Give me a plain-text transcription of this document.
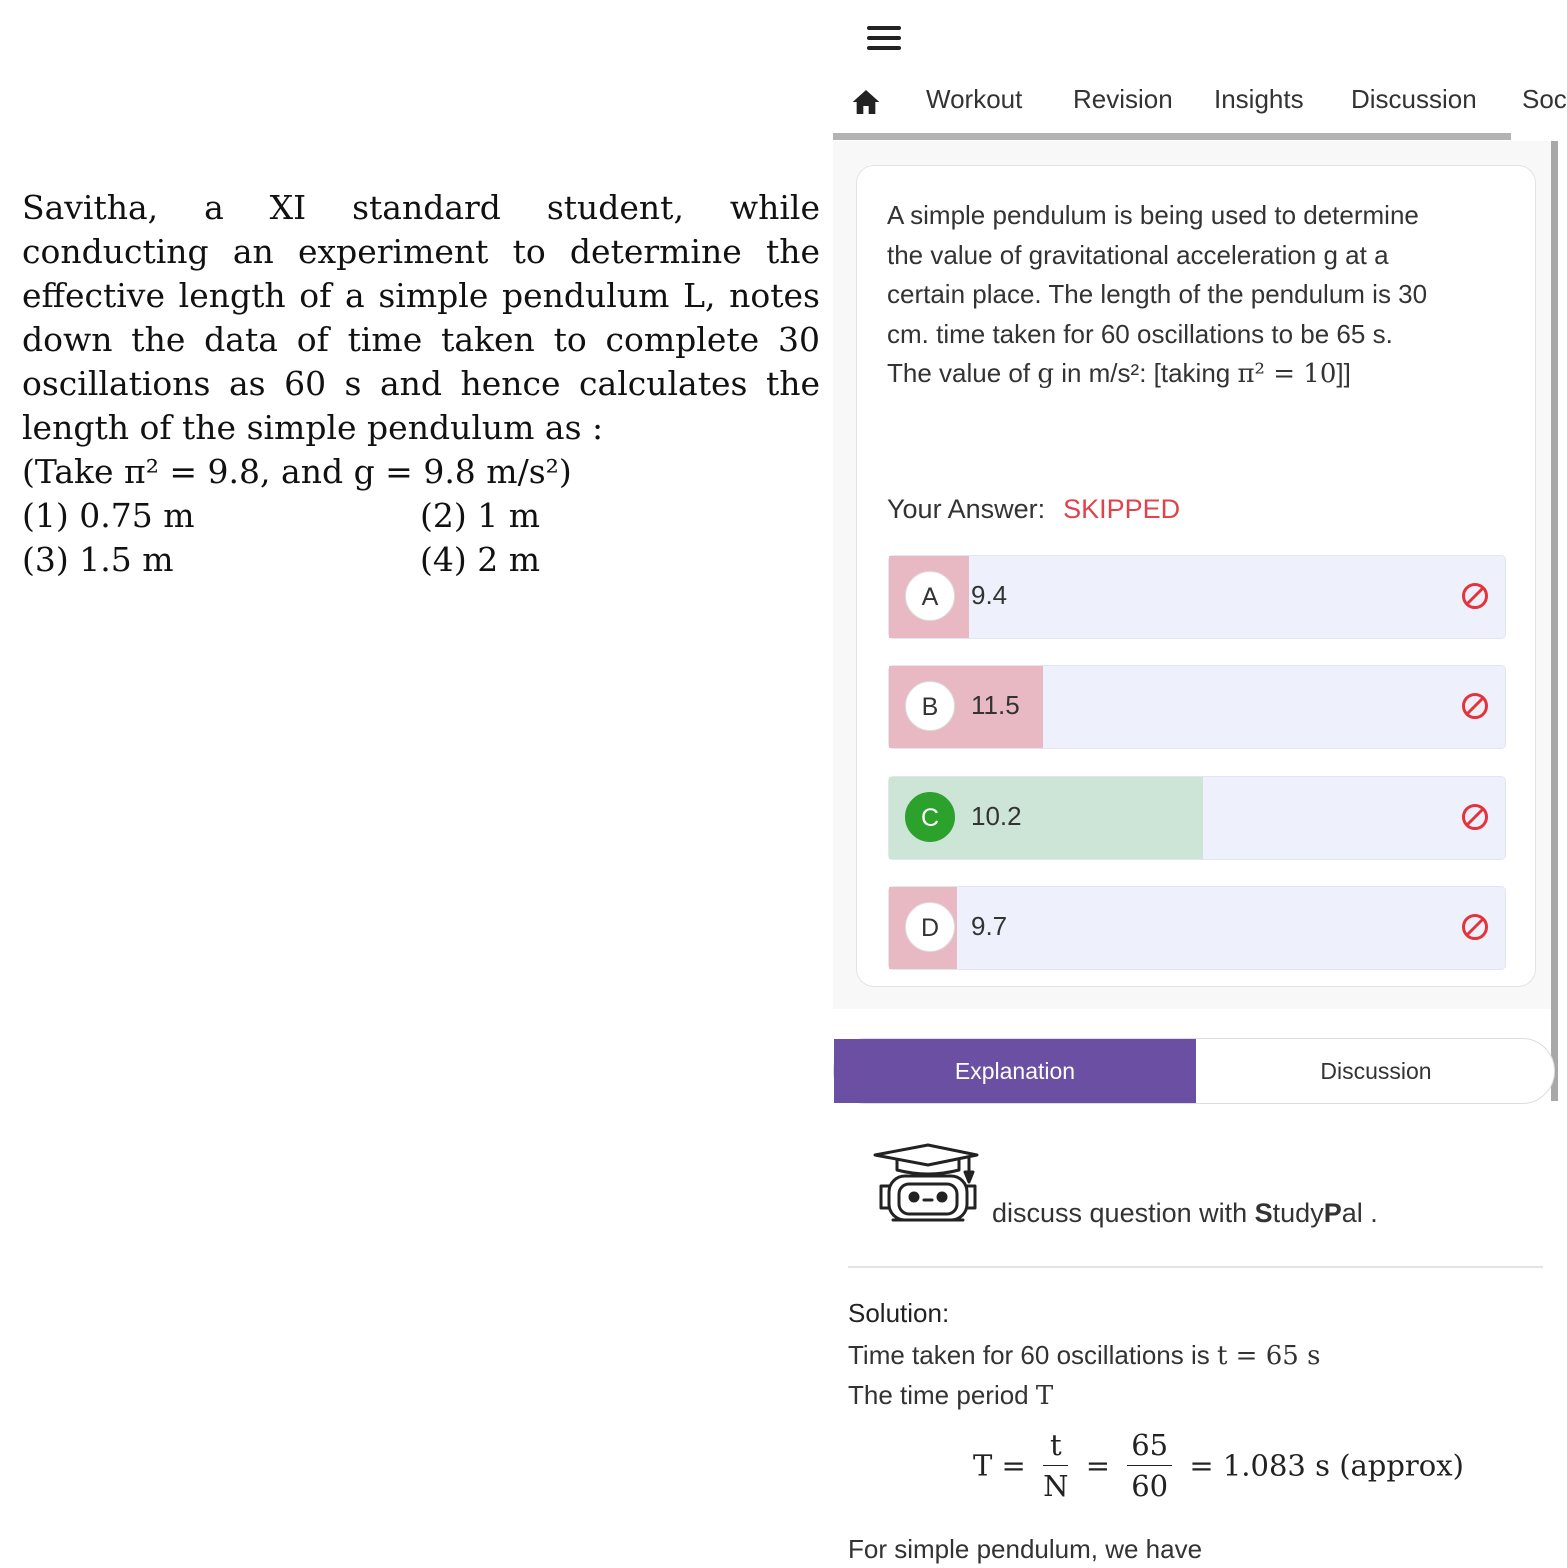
Savitha, a XI standard student, while conducting an experiment to determine the effective length of a simple pendulum L, notes down the data of time taken to complete 30 oscillations as 60 s and hence calculates the length of the simple pendulum as :
(Take π² = 9.8, and g = 9.8 m/s²)
(1) 0.75 m	(2) 1 m
(3) 1.5 m	(4) 2 m
Workout Revision Insights Discussion Soc
A simple pendulum is being used to determine
the value of gravitational acceleration g at a
certain place. The length of the pendulum is 30
cm. time taken for 60 oscillations to be 65 s.
The value of g in m/s²: [taking π² = 10]]
Your Answer: SKIPPED
A	9.4
B	11.5
C	10.2
D	9.7
Explanation	Discussion
discuss question with StudyPal .
Solution:
Time taken for 60 oscillations is t = 65 s
The time period T
$T = \frac{t}{N} = \frac{65}{60} = 1.083$ s (approx)
For simple pendulum, we have
